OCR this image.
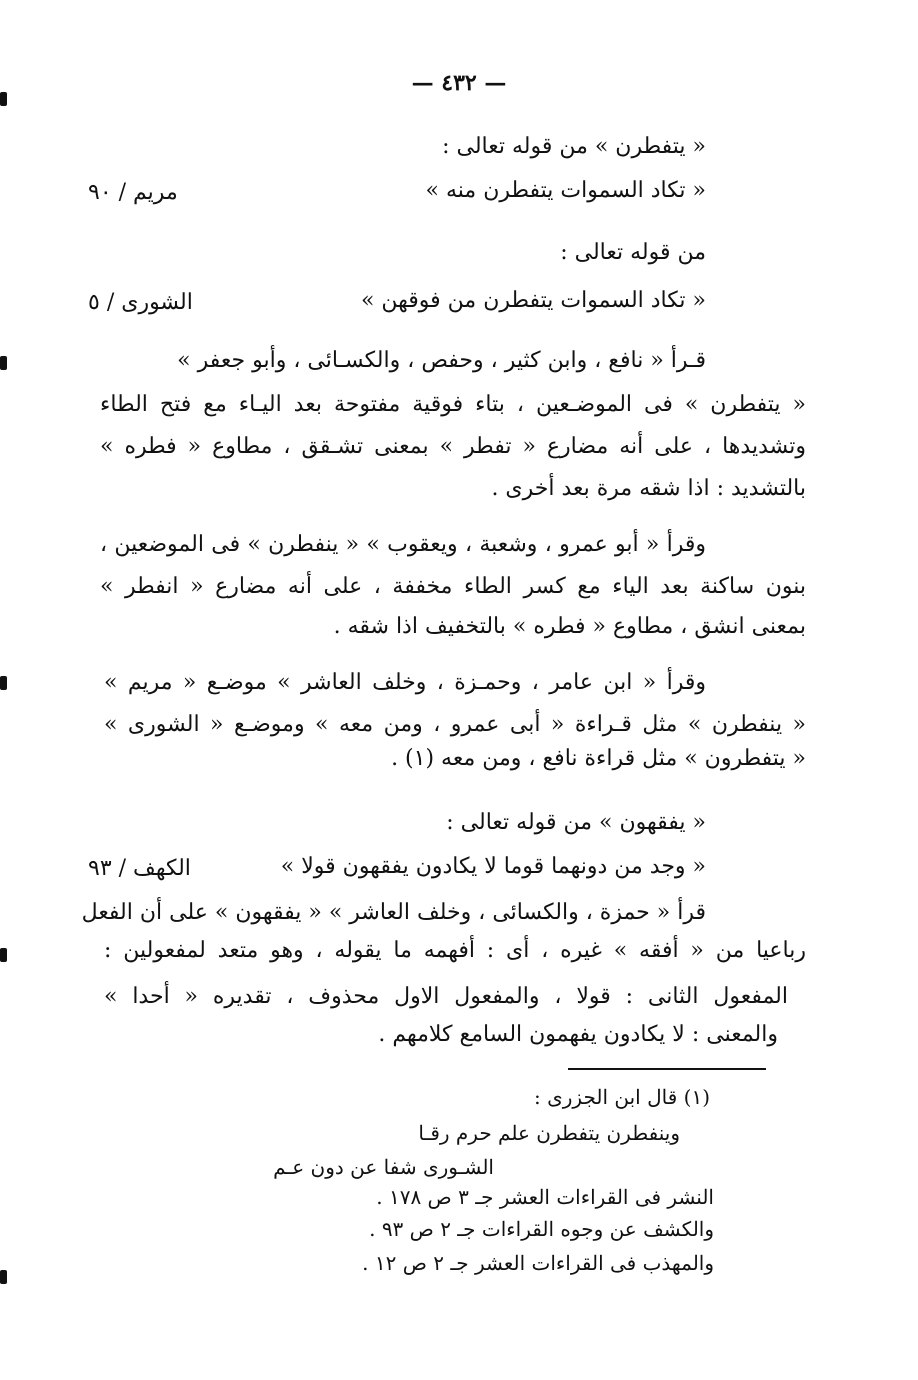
— ٤٣٢ —
« يتفطرن » من قوله تعالى :
« تكاد السموات يتفطرن منه »
مريم / ٩٠
من قوله تعالى :
« تكاد السموات يتفطرن من فوقهن »
الشورى / ٥
قـرأ « نافع ، وابن كثير ، وحفص ، والكسـائى ، وأبو جعفر »
« يتفطرن » فى الموضـعين ، بتاء فوقية مفتوحة بعد اليـاء مع فتح الطاء
وتشديدها ، على أنه مضارع « تفطر » بمعنى تشـقق ، مطاوع « فطره »
بالتشديد : اذا شقه مرة بعد أخرى .
وقرأ « أبو عمرو ، وشعبة ، ويعقوب » « ينفطرن » فى الموضعين ،
بنون ساكنة بعد الياء مع كسر الطاء مخففة ، على أنه مضارع « انفطر »
بمعنى انشق ، مطاوع « فطره » بالتخفيف اذا شقه .
وقرأ « ابن عامر ، وحمـزة ، وخلف العاشر » موضـع « مريم »
« ينفطرن » مثل قـراءة « أبى عمرو ، ومن معه » وموضـع « الشورى »
« يتفطرون » مثل قراءة نافع ، ومن معه (١) .
« يفقهون » من قوله تعالى :
« وجد من دونهما قوما لا يكادون يفقهون قولا »
الكهف / ٩٣
قرأ « حمزة ، والكسائى ، وخلف العاشر » « يفقهون » على أن الفعل
رباعيا من « أفقه » غيره ، أى : أفهمه ما يقوله ، وهو متعد لمفعولين :
المفعول الثانى : قولا ، والمفعول الاول محذوف ، تقديره « أحدا »
والمعنى : لا يكادون يفهمون السامع كلامهم .
(١) قال ابن الجزرى :
وينفطرن يتفطرن علم حرم رقـا
الشـورى شفا عن دون عـم
النشر فى القراءات العشر جـ ٣ ص ١٧٨ .
والكشف عن وجوه القراءات جـ ٢ ص ٩٣ .
والمهذب فى القراءات العشر جـ ٢ ص ١٢ .
